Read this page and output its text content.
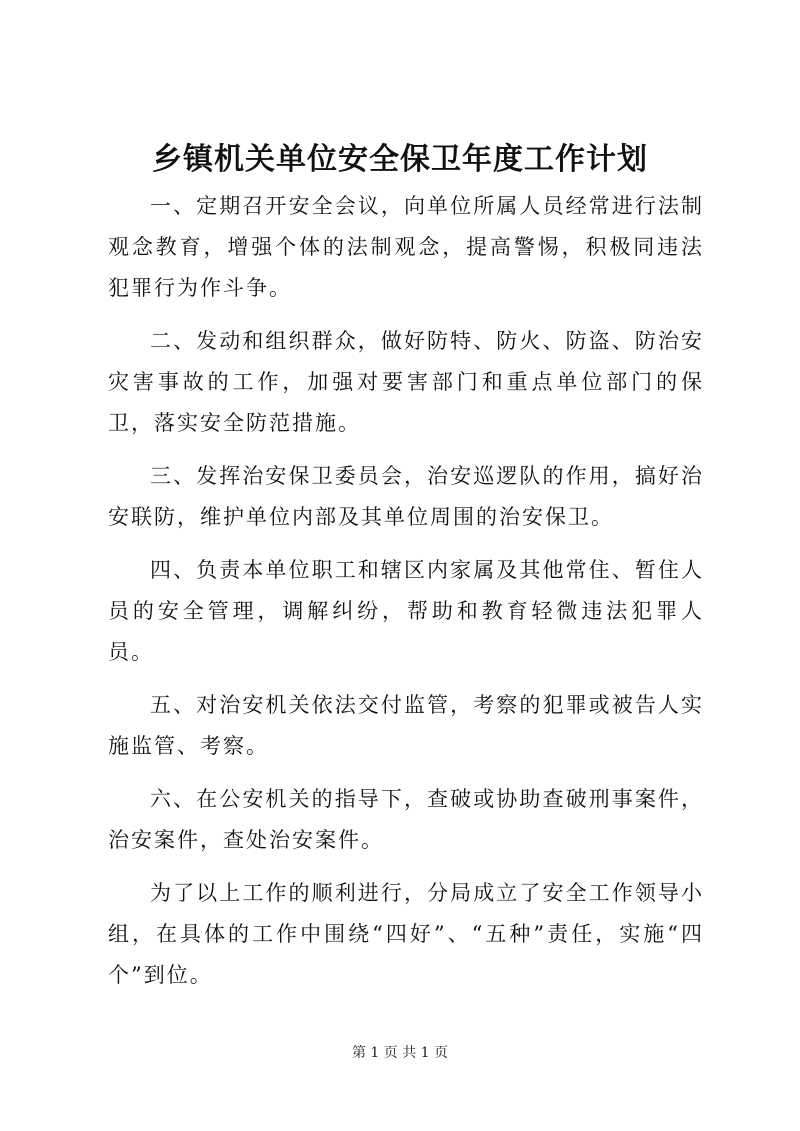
乡镇机关单位安全保卫年度工作计划

一、定期召开安全会议，向单位所属人员经常进行法制观念教育，增强个体的法制观念，提高警惕，积极同违法犯罪行为作斗争。

二、发动和组织群众，做好防特、防火、防盗、防治安灾害事故的工作，加强对要害部门和重点单位部门的保卫，落实安全防范措施。

三、发挥治安保卫委员会，治安巡逻队的作用，搞好治安联防，维护单位内部及其单位周围的治安保卫。

四、负责本单位职工和辖区内家属及其他常住、暂住人员的安全管理，调解纠纷，帮助和教育轻微违法犯罪人员。

五、对治安机关依法交付监管，考察的犯罪或被告人实施监管、考察。

六、在公安机关的指导下，查破或协助查破刑事案件，治安案件，查处治安案件。

为了以上工作的顺利进行，分局成立了安全工作领导小组，在具体的工作中围绕“四好”、“五种”责任，实施“四个”到位。

第 1 页 共 1 页
